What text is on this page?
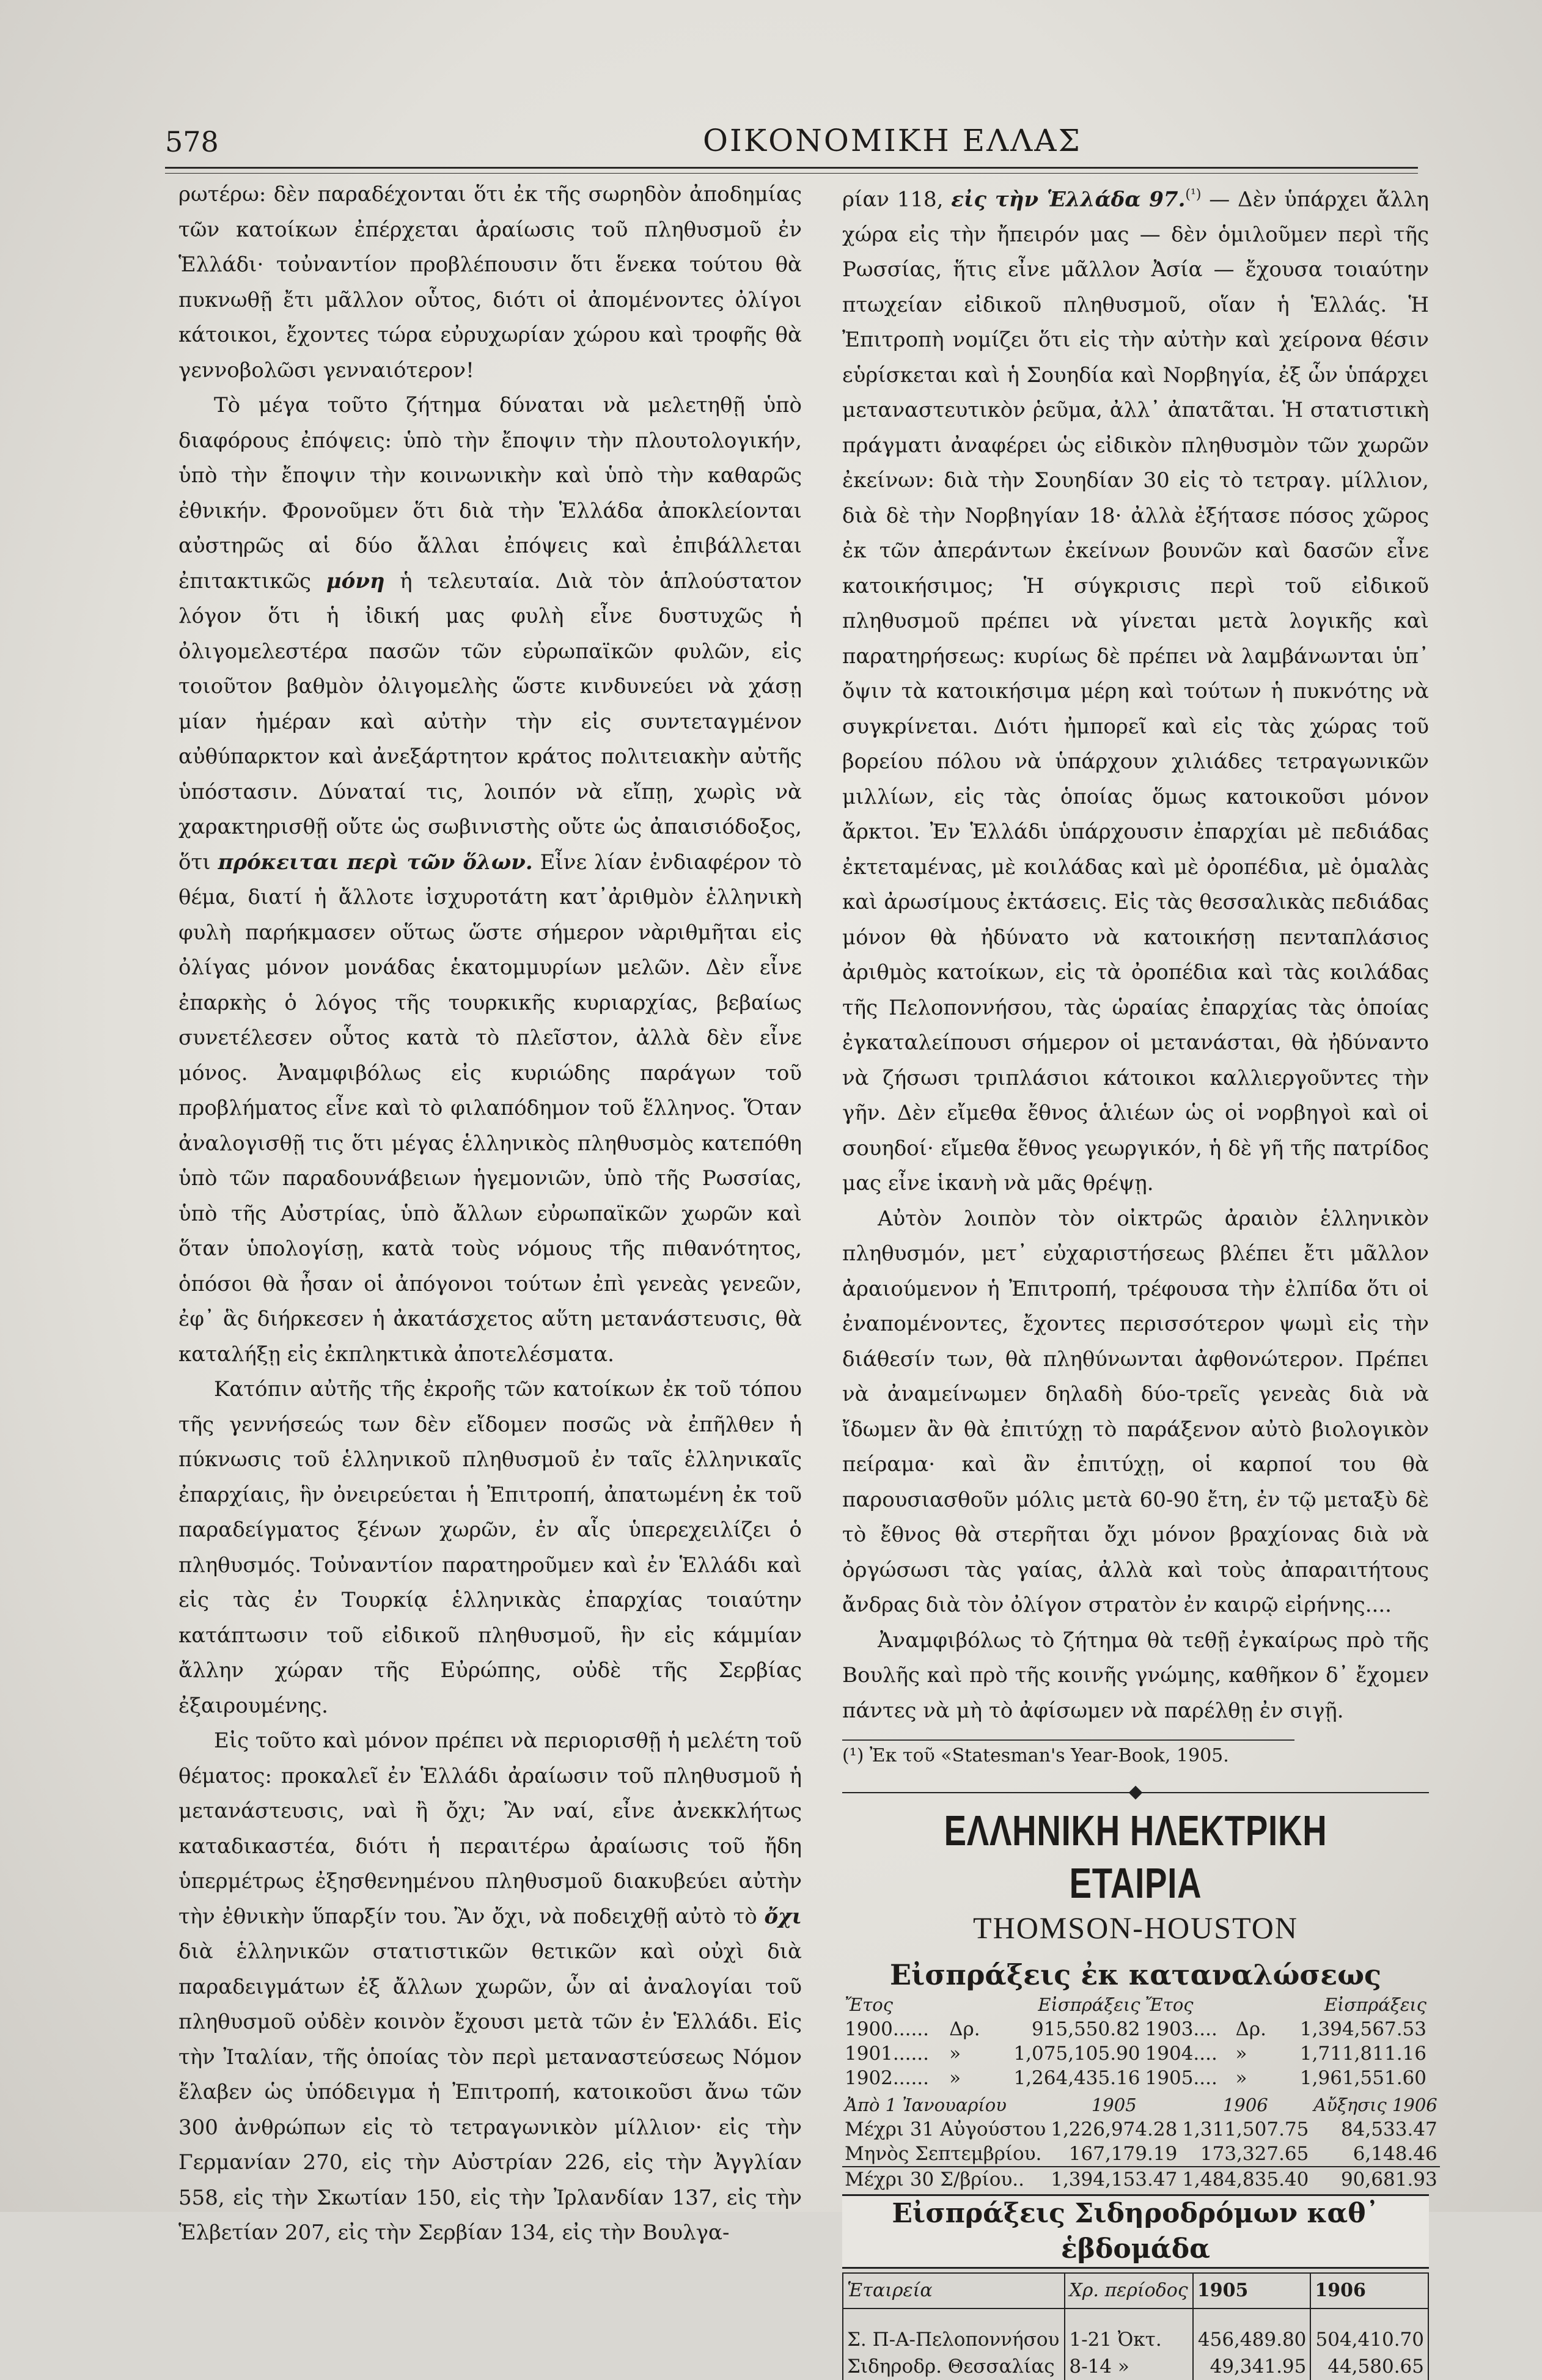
578	ΟΙΚΟΝΟΜΙΚΗ ΕΛΛΑΣ

ρωτέρω: δὲν παραδέχονται ὅτι ἐκ τῆς σωρηδὸν ἀποδημίας τῶν κατοίκων ἐπέρχεται ἀραίωσις τοῦ πληθυσμοῦ ἐν Ἑλλάδι· τοὐναντίον προβλέπουσιν ὅτι ἕνεκα τούτου θὰ πυκνωθῇ ἔτι μᾶλλον οὗτος, διότι οἱ ἀπομένοντες ὀλίγοι κάτοικοι, ἔχοντες τώρα εὐρυχωρίαν χώρου καὶ τροφῆς θὰ γεννοβολῶσι γενναιότερον!

Τὸ μέγα τοῦτο ζήτημα δύναται νὰ μελετηθῇ ὑπὸ διαφόρους ἐπόψεις: ὑπὸ τὴν ἔποψιν τὴν πλουτολογικήν, ὑπὸ τὴν ἔποψιν τὴν κοινωνικὴν καὶ ὑπὸ τὴν καθαρῶς ἐθνικήν. Φρονοῦμεν ὅτι διὰ τὴν Ἑλλάδα ἀποκλείονται αὐστηρῶς αἱ δύο ἄλλαι ἐπόψεις καὶ ἐπιβάλλεται ἐπιτακτικῶς μόνη ἡ τελευταία. Διὰ τὸν ἁπλούστατον λόγον ὅτι ἡ ἰδική μας φυλὴ εἶνε δυστυχῶς ἡ ὀλιγομελεστέρα πασῶν τῶν εὐρωπαϊκῶν φυλῶν, εἰς τοιοῦτον βαθμὸν ὀλιγομελὴς ὥστε κινδυνεύει νὰ χάσῃ μίαν ἡμέραν καὶ αὐτὴν τὴν εἰς συντεταγμένον αὐθύπαρκτον καὶ ἀνεξάρτητον κράτος πολιτειακὴν αὐτῆς ὑπόστασιν. Δύναταί τις, λοιπόν νὰ εἴπῃ, χωρὶς νὰ χαρακτηρισθῇ οὔτε ὡς σωβινιστὴς οὔτε ὡς ἀπαισιόδοξος, ὅτι πρόκειται περὶ τῶν ὅλων. Εἶνε λίαν ἐνδιαφέρον τὸ θέμα, διατί ἡ ἄλλοτε ἰσχυροτάτη κατ᾽ἀριθμὸν ἑλληνικὴ φυλὴ παρήκμασεν οὕτως ὥστε σήμερον νὰριθμῆται εἰς ὀλίγας μόνον μονάδας ἑκατομμυρίων μελῶν. Δὲν εἶνε ἐπαρκὴς ὁ λόγος τῆς τουρκικῆς κυριαρχίας, βεβαίως συνετέλεσεν οὗτος κατὰ τὸ πλεῖστον, ἀλλὰ δὲν εἶνε μόνος. Ἀναμφιβόλως εἰς κυριώδης παράγων τοῦ προβλήματος εἶνε καὶ τὸ φιλαπόδημον τοῦ ἕλληνος. Ὅταν ἀναλογισθῇ τις ὅτι μέγας ἑλληνικὸς πληθυσμὸς κατεπόθη ὑπὸ τῶν παραδουνάβειων ἡγεμονιῶν, ὑπὸ τῆς Ρωσσίας, ὑπὸ τῆς Αὐστρίας, ὑπὸ ἄλλων εὐρωπαϊκῶν χωρῶν καὶ ὅταν ὑπολογίσῃ, κατὰ τοὺς νόμους τῆς πιθανότητος, ὁπόσοι θὰ ἦσαν οἱ ἀπόγονοι τούτων ἐπὶ γενεὰς γενεῶν, ἐφ᾽ ἃς διήρκεσεν ἡ ἀκατάσχετος αὕτη μετανάστευσις, θὰ καταλήξῃ εἰς ἐκπληκτικὰ ἀποτελέσματα.

Κατόπιν αὐτῆς τῆς ἐκροῆς τῶν κατοίκων ἐκ τοῦ τόπου τῆς γεννήσεώς των δὲν εἴδομεν ποσῶς νὰ ἐπῆλθεν ἡ πύκνωσις τοῦ ἑλληνικοῦ πληθυσμοῦ ἐν ταῖς ἑλληνικαῖς ἐπαρχίαις, ἣν ὀνειρεύεται ἡ Ἐπιτροπή, ἀπατωμένη ἐκ τοῦ παραδείγματος ξένων χωρῶν, ἐν αἷς ὑπερεχειλίζει ὁ πληθυσμός. Τοὐναντίον παρατηροῦμεν καὶ ἐν Ἑλλάδι καὶ εἰς τὰς ἐν Τουρκίᾳ ἑλληνικὰς ἐπαρχίας τοιαύτην κατάπτωσιν τοῦ εἰδικοῦ πληθυσμοῦ, ἣν εἰς κάμμίαν ἄλλην χώραν τῆς Εὐρώπης, οὐδὲ τῆς Σερβίας ἐξαιρουμένης.

Εἰς τοῦτο καὶ μόνον πρέπει νὰ περιορισθῇ ἡ μελέτη τοῦ θέματος: προκαλεῖ ἐν Ἑλλάδι ἀραίωσιν τοῦ πληθυσμοῦ ἡ μετανάστευσις, ναὶ ἢ ὄχι; Ἂν ναί, εἶνε ἀνεκκλήτως καταδικαστέα, διότι ἡ περαιτέρω ἀραίωσις τοῦ ἤδη ὑπερμέτρως ἐξησθενημένου πληθυσμοῦ διακυβεύει αὐτὴν τὴν ἐθνικὴν ὕπαρξίν του. Ἂν ὄχι, νὰ ποδειχθῇ αὐτὸ τὸ ὄχι διὰ ἑλληνικῶν στατιστικῶν θετικῶν καὶ οὐχὶ διὰ παραδειγμάτων ἐξ ἄλλων χωρῶν, ὧν αἱ ἀναλογίαι τοῦ πληθυσμοῦ οὐδὲν κοινὸν ἔχουσι μετὰ τῶν ἐν Ἑλλάδι. Εἰς τὴν Ἰταλίαν, τῆς ὁποίας τὸν περὶ μεταναστεύσεως Νόμον ἔλαβεν ὡς ὑπόδειγμα ἡ Ἐπιτροπή, κατοικοῦσι ἄνω τῶν 300 ἀνθρώπων εἰς τὸ τετραγωνικὸν μίλλιον· εἰς τὴν Γερμανίαν 270, εἰς τὴν Αὐστρίαν 226, εἰς τὴν Ἀγγλίαν 558, εἰς τὴν Σκωτίαν 150, εἰς τὴν Ἰρλανδίαν 137, εἰς τὴν Ἑλβετίαν 207, εἰς τὴν Σερβίαν 134, εἰς τὴν Βουλγα-

ρίαν 118, εἰς τὴν Ἑλλάδα 97.$^{(^1)}$ — Δὲν ὑπάρχει ἄλλη χώρα εἰς τὴν ἤπειρόν μας — δὲν ὁμιλοῦμεν περὶ τῆς Ρωσσίας, ἥτις εἶνε μᾶλλον Ἀσία — ἔχουσα τοιαύτην πτωχείαν εἰδικοῦ πληθυσμοῦ, οἵαν ἡ Ἑλλάς. Ἡ Ἐπιτροπὴ νομίζει ὅτι εἰς τὴν αὐτὴν καὶ χείρονα θέσιν εὑρίσκεται καὶ ἡ Σουηδία καὶ Νορβηγία, ἐξ ὧν ὑπάρχει μεταναστευτικὸν ῥεῦμα, ἀλλ᾽ ἀπατᾶται. Ἡ στατιστικὴ πράγματι ἀναφέρει ὡς εἰδικὸν πληθυσμὸν τῶν χωρῶν ἐκείνων: διὰ τὴν Σουηδίαν 30 εἰς τὸ τετραγ. μίλλιον, διὰ δὲ τὴν Νορβηγίαν 18· ἀλλὰ ἐξήτασε πόσος χῶρος ἐκ τῶν ἀπεράντων ἐκείνων βουνῶν καὶ δασῶν εἶνε κατοικήσιμος; Ἡ σύγκρισις περὶ τοῦ εἰδικοῦ πληθυσμοῦ πρέπει νὰ γίνεται μετὰ λογικῆς καὶ παρατηρήσεως: κυρίως δὲ πρέπει νὰ λαμβάνωνται ὑπ᾽ ὄψιν τὰ κατοικήσιμα μέρη καὶ τούτων ἡ πυκνότης νὰ συγκρίνεται. Διότι ἠμπορεῖ καὶ εἰς τὰς χώρας τοῦ βορείου πόλου νὰ ὑπάρχουν χιλιάδες τετραγωνικῶν μιλλίων, εἰς τὰς ὁποίας ὅμως κατοικοῦσι μόνον ἄρκτοι. Ἐν Ἑλλάδι ὑπάρχουσιν ἐπαρχίαι μὲ πεδιάδας ἐκτεταμένας, μὲ κοιλάδας καὶ μὲ ὀροπέδια, μὲ ὁμαλὰς καὶ ἀρωσίμους ἐκτάσεις. Εἰς τὰς θεσσαλικὰς πεδιάδας μόνον θὰ ἠδύνατο νὰ κατοικήσῃ πενταπλάσιος ἀριθμὸς κατοίκων, εἰς τὰ ὀροπέδια καὶ τὰς κοιλάδας τῆς Πελοποννήσου, τὰς ὡραίας ἐπαρχίας τὰς ὁποίας ἐγκαταλείπουσι σήμερον οἱ μετανάσται, θὰ ἠδύναντο νὰ ζήσωσι τριπλάσιοι κάτοικοι καλλιεργοῦντες τὴν γῆν. Δὲν εἴμεθα ἔθνος ἁλιέων ὡς οἱ νορβηγοὶ καὶ οἱ σουηδοί· εἴμεθα ἔθνος γεωργικόν, ἡ δὲ γῆ τῆς πατρίδος μας εἶνε ἱκανὴ νὰ μᾶς θρέψῃ.

Αὐτὸν λοιπὸν τὸν οἰκτρῶς ἀραιὸν ἑλληνικὸν πληθυσμόν, μετ᾽ εὐχαριστήσεως βλέπει ἔτι μᾶλλον ἀραιούμενον ἡ Ἐπιτροπή, τρέφουσα τὴν ἐλπίδα ὅτι οἱ ἐναπομένοντες, ἔχοντες περισσότερον ψωμὶ εἰς τὴν διάθεσίν των, θὰ πληθύνωνται ἀφθονώτερον. Πρέπει νὰ ἀναμείνωμεν δηλαδὴ δύο-τρεῖς γενεὰς διὰ νὰ ἴδωμεν ἂν θὰ ἐπιτύχῃ τὸ παράξενον αὐτὸ βιολογικὸν πείραμα· καὶ ἂν ἐπιτύχῃ, οἱ καρποί του θὰ παρουσιασθοῦν μόλις μετὰ 60-90 ἔτη, ἐν τῷ μεταξὺ δὲ τὸ ἔθνος θὰ στερῆται ὄχι μόνον βραχίονας διὰ νὰ ὀργώσωσι τὰς γαίας, ἀλλὰ καὶ τοὺς ἀπαραιτήτους ἄνδρας διὰ τὸν ὀλίγον στρατὸν ἐν καιρῷ εἰρήνης....

Ἀναμφιβόλως τὸ ζήτημα θὰ τεθῇ ἐγκαίρως πρὸ τῆς Βουλῆς καὶ πρὸ τῆς κοινῆς γνώμης, καθῆκον δ᾽ ἔχομεν πάντες νὰ μὴ τὸ ἀφίσωμεν νὰ παρέλθῃ ἐν σιγῇ.

(¹) Ἐκ τοῦ «Statesman's Year-Book, 1905.

ΕΛΛΗΝΙΚΗ ΗΛΕΚΤΡΙΚΗ ΕΤΑΙΡΙΑ
THOMSON-HOUSTON
Εἰσπράξεις ἐκ καταναλώσεως
Ἔτος		Εἰσπράξεις	Ἔτος		Εἰσπράξεις
1900......	Δρ.	915,550.82	1903....	Δρ.	1,394,567.53
1901......	»	1,075,105.90	1904....	»	1,711,811.16
1902......	»	1,264,435.16	1905....	»	1,961,551.60
Ἀπὸ 1 Ἰανουαρίου	1905	1906	Αὔξησις 1906
Μέχρι 31 Αὐγούστου	1,226,974.28	1,311,507.75	84,533.47
Μηνὸς Σεπτεμβρίου.	167,179.19	173,327.65	6,148.46
Μέχρι 30 Σ/βρίου..	1,394,153.47	1,484,835.40	90,681.93
Εἰσπράξεις Σιδηροδρόμων καθ᾽ ἑβδομάδα
Ἑταιρεία	Χρ. περίοδος	1905	1906
Σ. Π-Α-Πελοποννήσου	1-21 Ὀκτ.	456,489.80	504,410.70
Σιδηροδρ. Θεσσαλίας	8-14 »	49,341.95	44,580.65
